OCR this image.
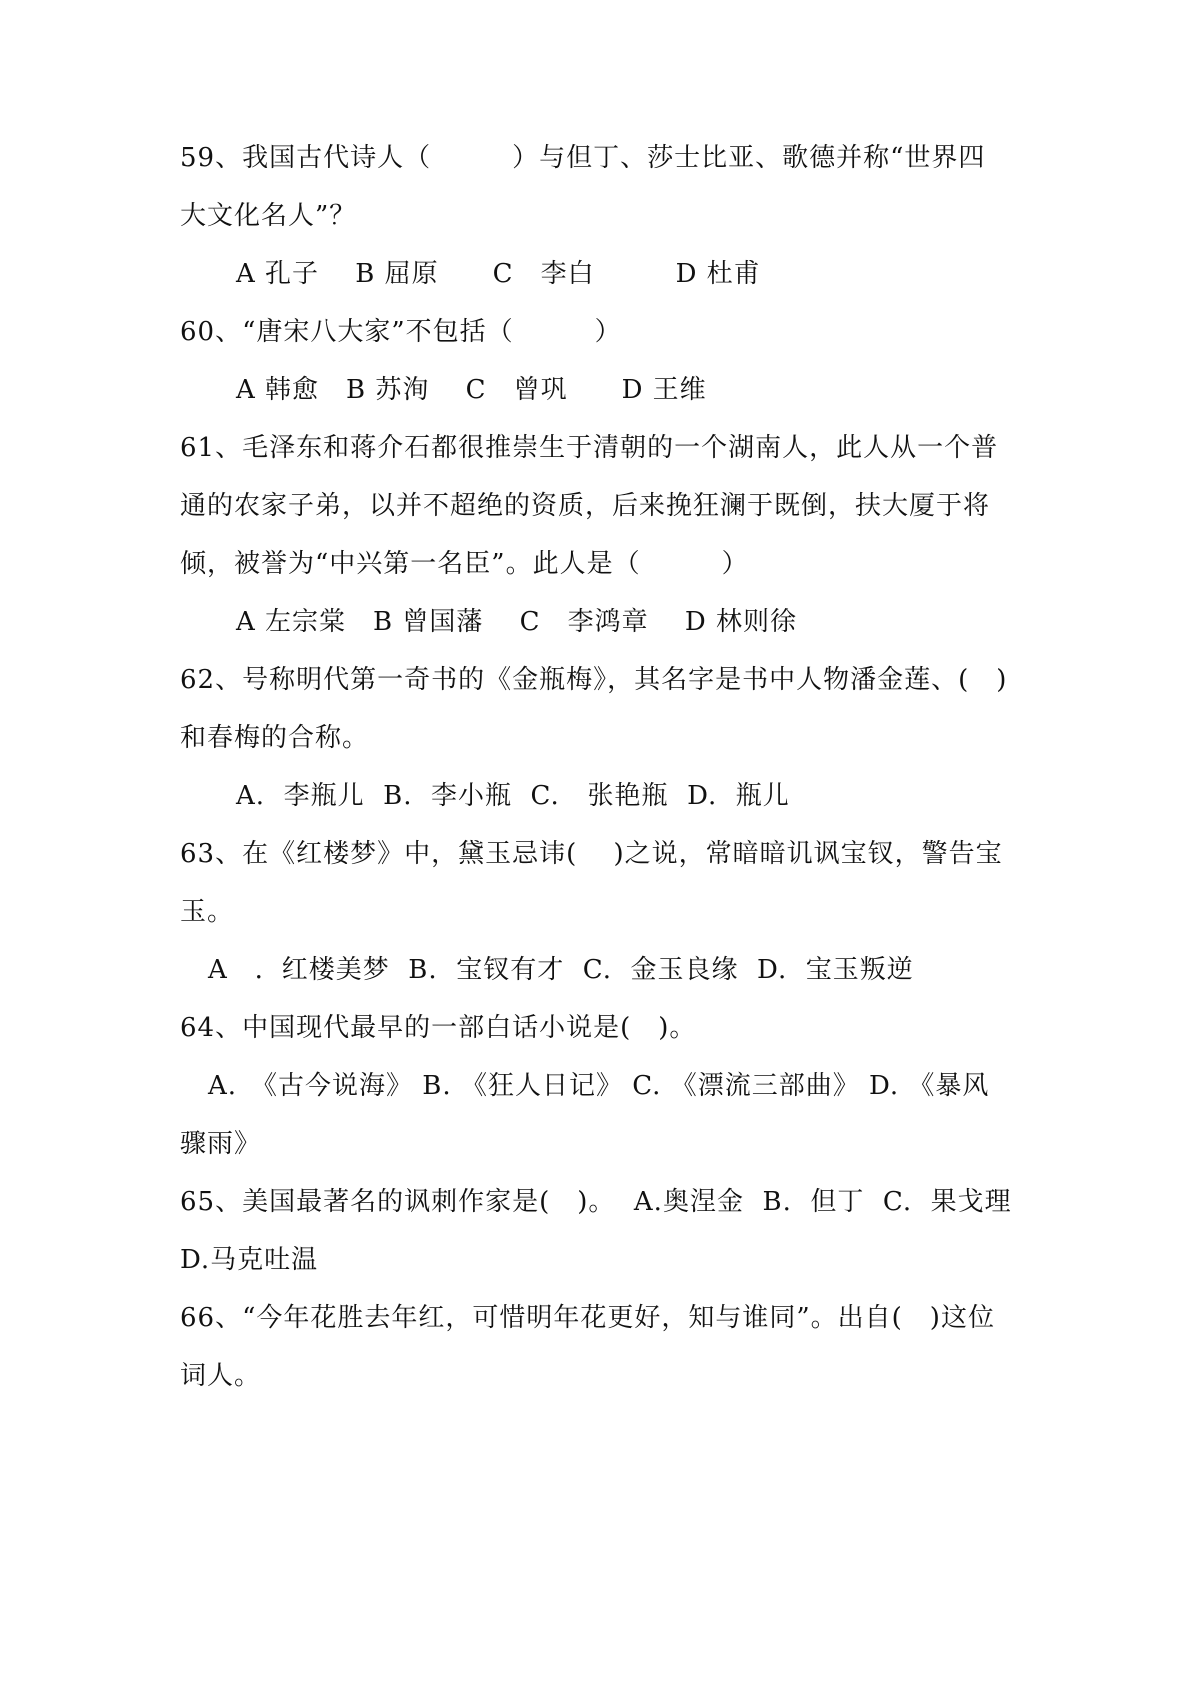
59、我国古代诗人（　　　）与但丁、莎士比亚、歌德并称“世界四
大文化名人”？
A 孔子　 B 屈原　　C　李白　　　D 杜甫
60、“唐宋八大家”不包括（　　　）
A 韩愈　B 苏洵　 C　曾巩　　D 王维
61、毛泽东和蒋介石都很推崇生于清朝的一个湖南人，此人从一个普
通的农家子弟，以并不超绝的资质，后来挽狂澜于既倒，扶大厦于将
倾，被誉为“中兴第一名臣”。此人是（　　　）
A 左宗棠　B 曾国藩　 C　李鸿章　 D 林则徐
62、号称明代第一奇书的《金瓶梅》，其名字是书中人物潘金莲、(　)
和春梅的合称。
A.  李瓶儿  B.  李小瓶  C.   张艳瓶  D.  瓶儿
63、在《红楼梦》中，黛玉忌讳(　 )之说，常暗暗讥讽宝钗，警告宝
玉。
A　．红楼美梦  B.  宝钗有才  C.  金玉良缘  D.  宝玉叛逆
64、中国现代最早的一部白话小说是(　)。
A.　《古今说海》 B. 《狂人日记》 C. 《漂流三部曲》 D. 《暴风
骤雨》
65、美国最著名的讽刺作家是(　)。  A.奥涅金  B.  但丁  C.  果戈理
D.马克吐温
66、“今年花胜去年红，可惜明年花更好，知与谁同”。出自(　)这位
词人。
